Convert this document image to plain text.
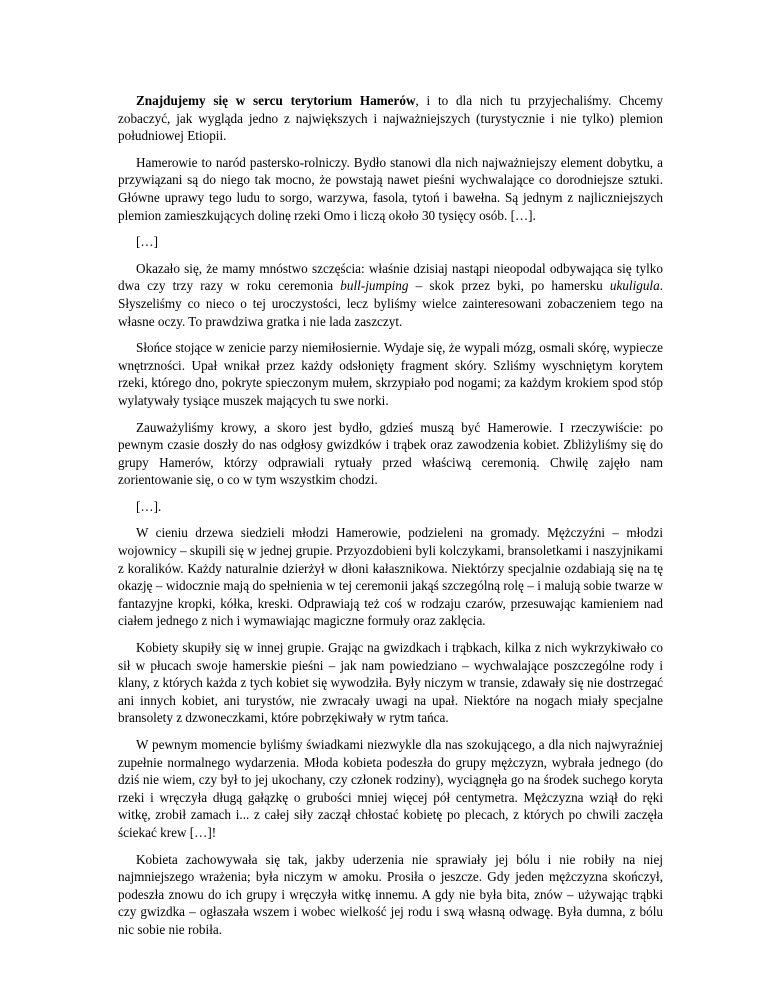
Znajdujemy się w sercu terytorium Hamerów, i to dla nich tu przyjechaliśmy. Chcemy zobaczyć, jak wygląda jedno z największych i najważniejszych (turystycznie i nie tylko) plemion południowej Etiopii.

Hamerowie to naród pastersko-rolniczy. Bydło stanowi dla nich najważniejszy element dobytku, a przywiązani są do niego tak mocno, że powstają nawet pieśni wychwalające co dorodniejsze sztuki. Główne uprawy tego ludu to sorgo, warzywa, fasola, tytoń i bawełna. Są jednym z najliczniejszych plemion zamieszkujących dolinę rzeki Omo i liczą około 30 tysięcy osób. […].

[…]

Okazało się, że mamy mnóstwo szczęścia: właśnie dzisiaj nastąpi nieopodal odbywająca się tylko dwa czy trzy razy w roku ceremonia bull-jumping – skok przez byki, po hamersku ukuligula. Słyszeliśmy co nieco o tej uroczystości, lecz byliśmy wielce zainteresowani zobaczeniem tego na własne oczy. To prawdziwa gratka i nie lada zaszczyt.

Słońce stojące w zenicie parzy niemiłosiernie. Wydaje się, że wypali mózg, osmali skórę, wypiecze wnętrzności. Upał wnikał przez każdy odsłonięty fragment skóry. Szliśmy wyschniętym korytem rzeki, którego dno, pokryte spieczonym mułem, skrzypiało pod nogami; za każdym krokiem spod stóp wylatywały tysiące muszek mających tu swe norki.

Zauważyliśmy krowy, a skoro jest bydło, gdzieś muszą być Hamerowie. I rzeczywiście: po pewnym czasie doszły do nas odgłosy gwizdków i trąbek oraz zawodzenia kobiet. Zbliżyliśmy się do grupy Hamerów, którzy odprawiali rytuały przed właściwą ceremonią. Chwilę zajęło nam zorientowanie się, o co w tym wszystkim chodzi.

[…].

W cieniu drzewa siedzieli młodzi Hamerowie, podzieleni na gromady. Mężczyźni – młodzi wojownicy – skupili się w jednej grupie. Przyozdobieni byli kolczykami, bransoletkami i naszyjnikami z koralików. Każdy naturalnie dzierżył w dłoni kałasznikowa. Niektórzy specjalnie ozdabiają się na tę okazję – widocznie mają do spełnienia w tej ceremonii jakąś szczególną rolę – i malują sobie twarze w fantazyjne kropki, kółka, kreski. Odprawiają też coś w rodzaju czarów, przesuwając kamieniem nad ciałem jednego z nich i wymawiając magiczne formuły oraz zaklęcia.

Kobiety skupiły się w innej grupie. Grając na gwizdkach i trąbkach, kilka z nich wykrzykiwało co sił w płucach swoje hamerskie pieśni – jak nam powiedziano – wychwalające poszczególne rody i klany, z których każda z tych kobiet się wywodziła. Były niczym w transie, zdawały się nie dostrzegać ani innych kobiet, ani turystów, nie zwracały uwagi na upał. Niektóre na nogach miały specjalne bransolety z dzwoneczkami, które pobrzękiwały w rytm tańca.

W pewnym momencie byliśmy świadkami niezwykle dla nas szokującego, a dla nich najwyraźniej zupełnie normalnego wydarzenia. Młoda kobieta podeszła do grupy mężczyzn, wybrała jednego (do dziś nie wiem, czy był to jej ukochany, czy członek rodziny), wyciągnęła go na środek suchego koryta rzeki i wręczyła długą gałązkę o grubości mniej więcej pół centymetra. Mężczyzna wziął do ręki witkę, zrobił zamach i... z całej siły zaczął chłostać kobietę po plecach, z których po chwili zaczęła ściekać krew […]!

Kobieta zachowywała się tak, jakby uderzenia nie sprawiały jej bólu i nie robiły na niej najmniejszego wrażenia; była niczym w amoku. Prosiła o jeszcze. Gdy jeden mężczyzna skończył, podeszła znowu do ich grupy i wręczyła witkę innemu. A gdy nie była bita, znów – używając trąbki czy gwizdka – ogłaszała wszem i wobec wielkość jej rodu i swą własną odwagę. Była dumna, z bólu nic sobie nie robiła.
